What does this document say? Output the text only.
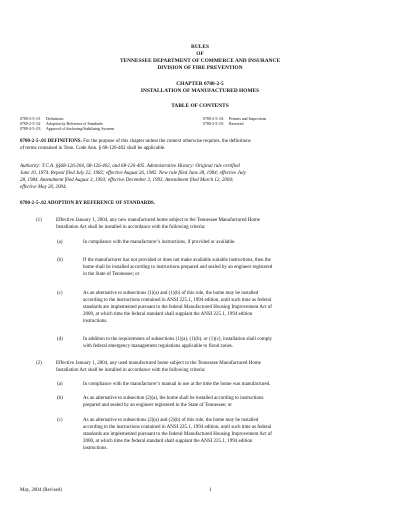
RULES
OF
TENNESSEE DEPARTMENT OF COMMERCE AND INSURANCE
DIVISION OF FIRE PREVENTION
CHAPTER 0780-2-5
INSTALLATION OF MANUFACTURED HOMES
TABLE OF CONTENTS
0780-2-5-.01	Definitions
0780-2-5-.02	Adoption by Reference of Standards
0780-2-5-.03	Approval of Anchoring/Stabilizing Systems
0780-2-5-.04	Permits and Inspections
0780-2-5-.05	Reserved
0780-2-5-.01 DEFINITIONS. For the purpose of this chapter unless the context otherwise requires, the definitions
of terms contained in Tenn. Code Ann. § 68-126-402 shall be applicable.
Authority: T.C.A. §§68-126-204, 68-126-402, and 68-126-405. Administrative History: Original rule certified
June 10, 1974. Repeal filed July 22, 1982; effective August 26, 1982. New rule filed June 28, 1984; effective July
28, 1984. Amendment filed August 3, 1993; effective December 3, 1993. Amendment filed March 12, 2004;
effective May 26, 2004.
0780-2-5-.02 ADOPTION BY REFERENCE OF STANDARDS.
(1)	Effective January 1, 2004, any new manufactured home subject to the Tennessee Manufactured Home
Installation Act shall be installed in accordance with the following criteria:
(a)	In compliance with the manufacturer’s instructions, if provided or available.
(b)	If the manufacturer has not provided or does not make available suitable instructions, then the
home shall be installed according to instructions prepared and sealed by an engineer registered
in the State of Tennessee; or
(c)	As an alternative to subsections (1)(a) and (1)(b) of this rule, the home may be installed
according to the instructions contained in ANSI 225.1, 1994 edition, until such time as federal
standards are implemented pursuant to the federal Manufactured Housing Improvement Act of
2000, at which time the federal standard shall supplant the ANSI 225.1, 1994 edition
instructions.
(d)	In addition to the requirements of subsections (1)(a), (1)(b), or (1)(c), installation shall comply
with federal emergency management regulations applicable to flood zones.
(2)	Effective January 1, 2004, any used manufactured home subject to the Tennessee Manufactured Home
Installation Act shall be installed in accordance with the following criteria:
(a)	In compliance with the manufacturer’s manual in use at the time the home was manufactured.
(b)	As an alternative to subsection (2)(a), the home shall be installed according to instructions
prepared and sealed by an engineer registered in the State of Tennessee; or
(c)	As an alternative to subsections (2)(a) and (2)(b) of this rule, the home may be installed
according to the instructions contained in ANSI 225.1, 1994 edition, until such time as federal
standards are implemented pursuant to the federal Manufactured Housing Improvement Act of
2000, at which time the federal standard shall supplant the ANSI 225.1, 1994 edition
instructions.
May, 2004 (Revised)	1
